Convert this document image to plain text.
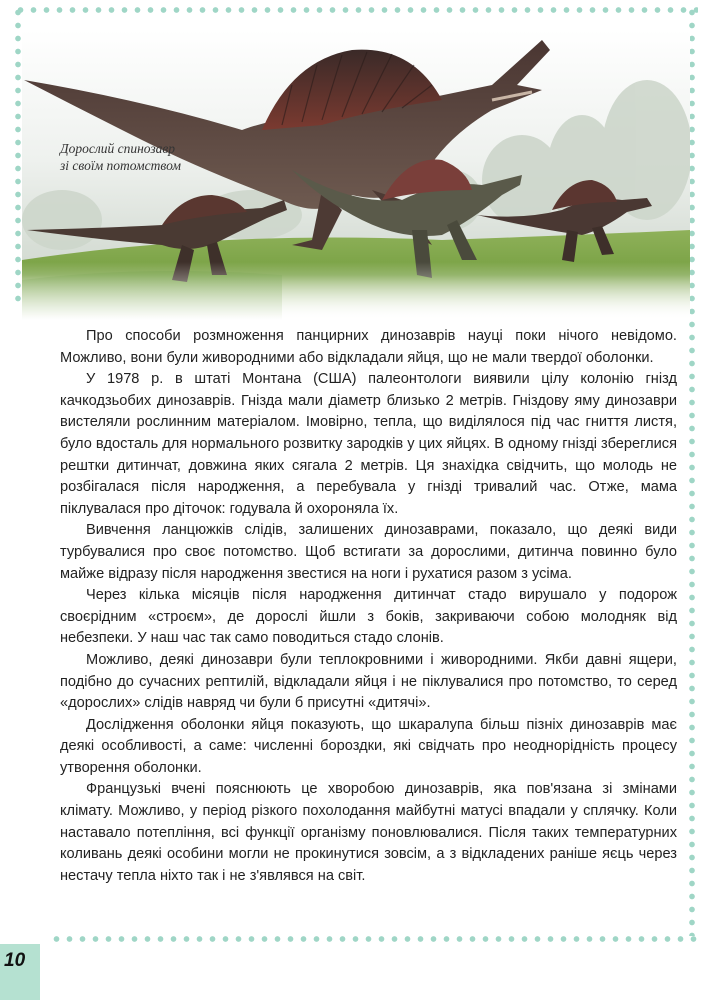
Дорослий спинозавр
зі своїм потомством

Про способи розмноження панцирних динозаврів науці поки нічого невідомо. Можливо, вони були живородними або відкладали яйця, що не мали твердої оболонки.

У 1978 р. в штаті Монтана (США) палеонтологи виявили цілу колонію гнізд качкодзьобих динозаврів. Гнізда мали діаметр близько 2 метрів. Гніздову яму динозаври вистеляли рослинним матеріалом. Імовірно, тепла, що виділялося під час гниття листя, було вдосталь для нормального розвитку зародків у цих яйцях. В одному гнізді збереглися рештки дитинчат, довжина яких сягала 2 метрів. Ця знахідка свідчить, що молодь не розбігалася після народження, а перебувала у гнізді тривалий час. Отже, мама піклувалася про діточок: годувала й охороняла їх.

Вивчення ланцюжків слідів, залишених динозаврами, показало, що деякі види турбувалися про своє потомство. Щоб встигати за дорослими, дитинча повинно було майже відразу після народження звестися на ноги і рухатися разом з усіма.

Через кілька місяців після народження дитинчат стадо вирушало у подорож своєрідним «строєм», де дорослі йшли з боків, закриваючи собою молодняк від небезпеки. У наш час так само поводиться стадо слонів.

Можливо, деякі динозаври були теплокровними і живородними. Якби давні ящери, подібно до сучасних рептилій, відкладали яйця і не піклувалися про потомство, то серед «дорослих» слідів навряд чи були б присутні «дитячі».

Дослідження оболонки яйця показують, що шкаралупа більш пізніх динозаврів має деякі особливості, а саме: численні бороздки, які свідчать про неоднорідність процесу утворення оболонки.

Французькі вчені пояснюють це хворобою динозаврів, яка пов'язана зі змінами клімату. Можливо, у період різкого похолодання майбутні матусі впадали у сплячку. Коли наставало потепління, всі функції організму поновлювалися. Після таких температурних коливань деякі особини могли не прокинутися зовсім, а з відкладених раніше яєць через нестачу тепла ніхто так і не з'являвся на світ.

10
